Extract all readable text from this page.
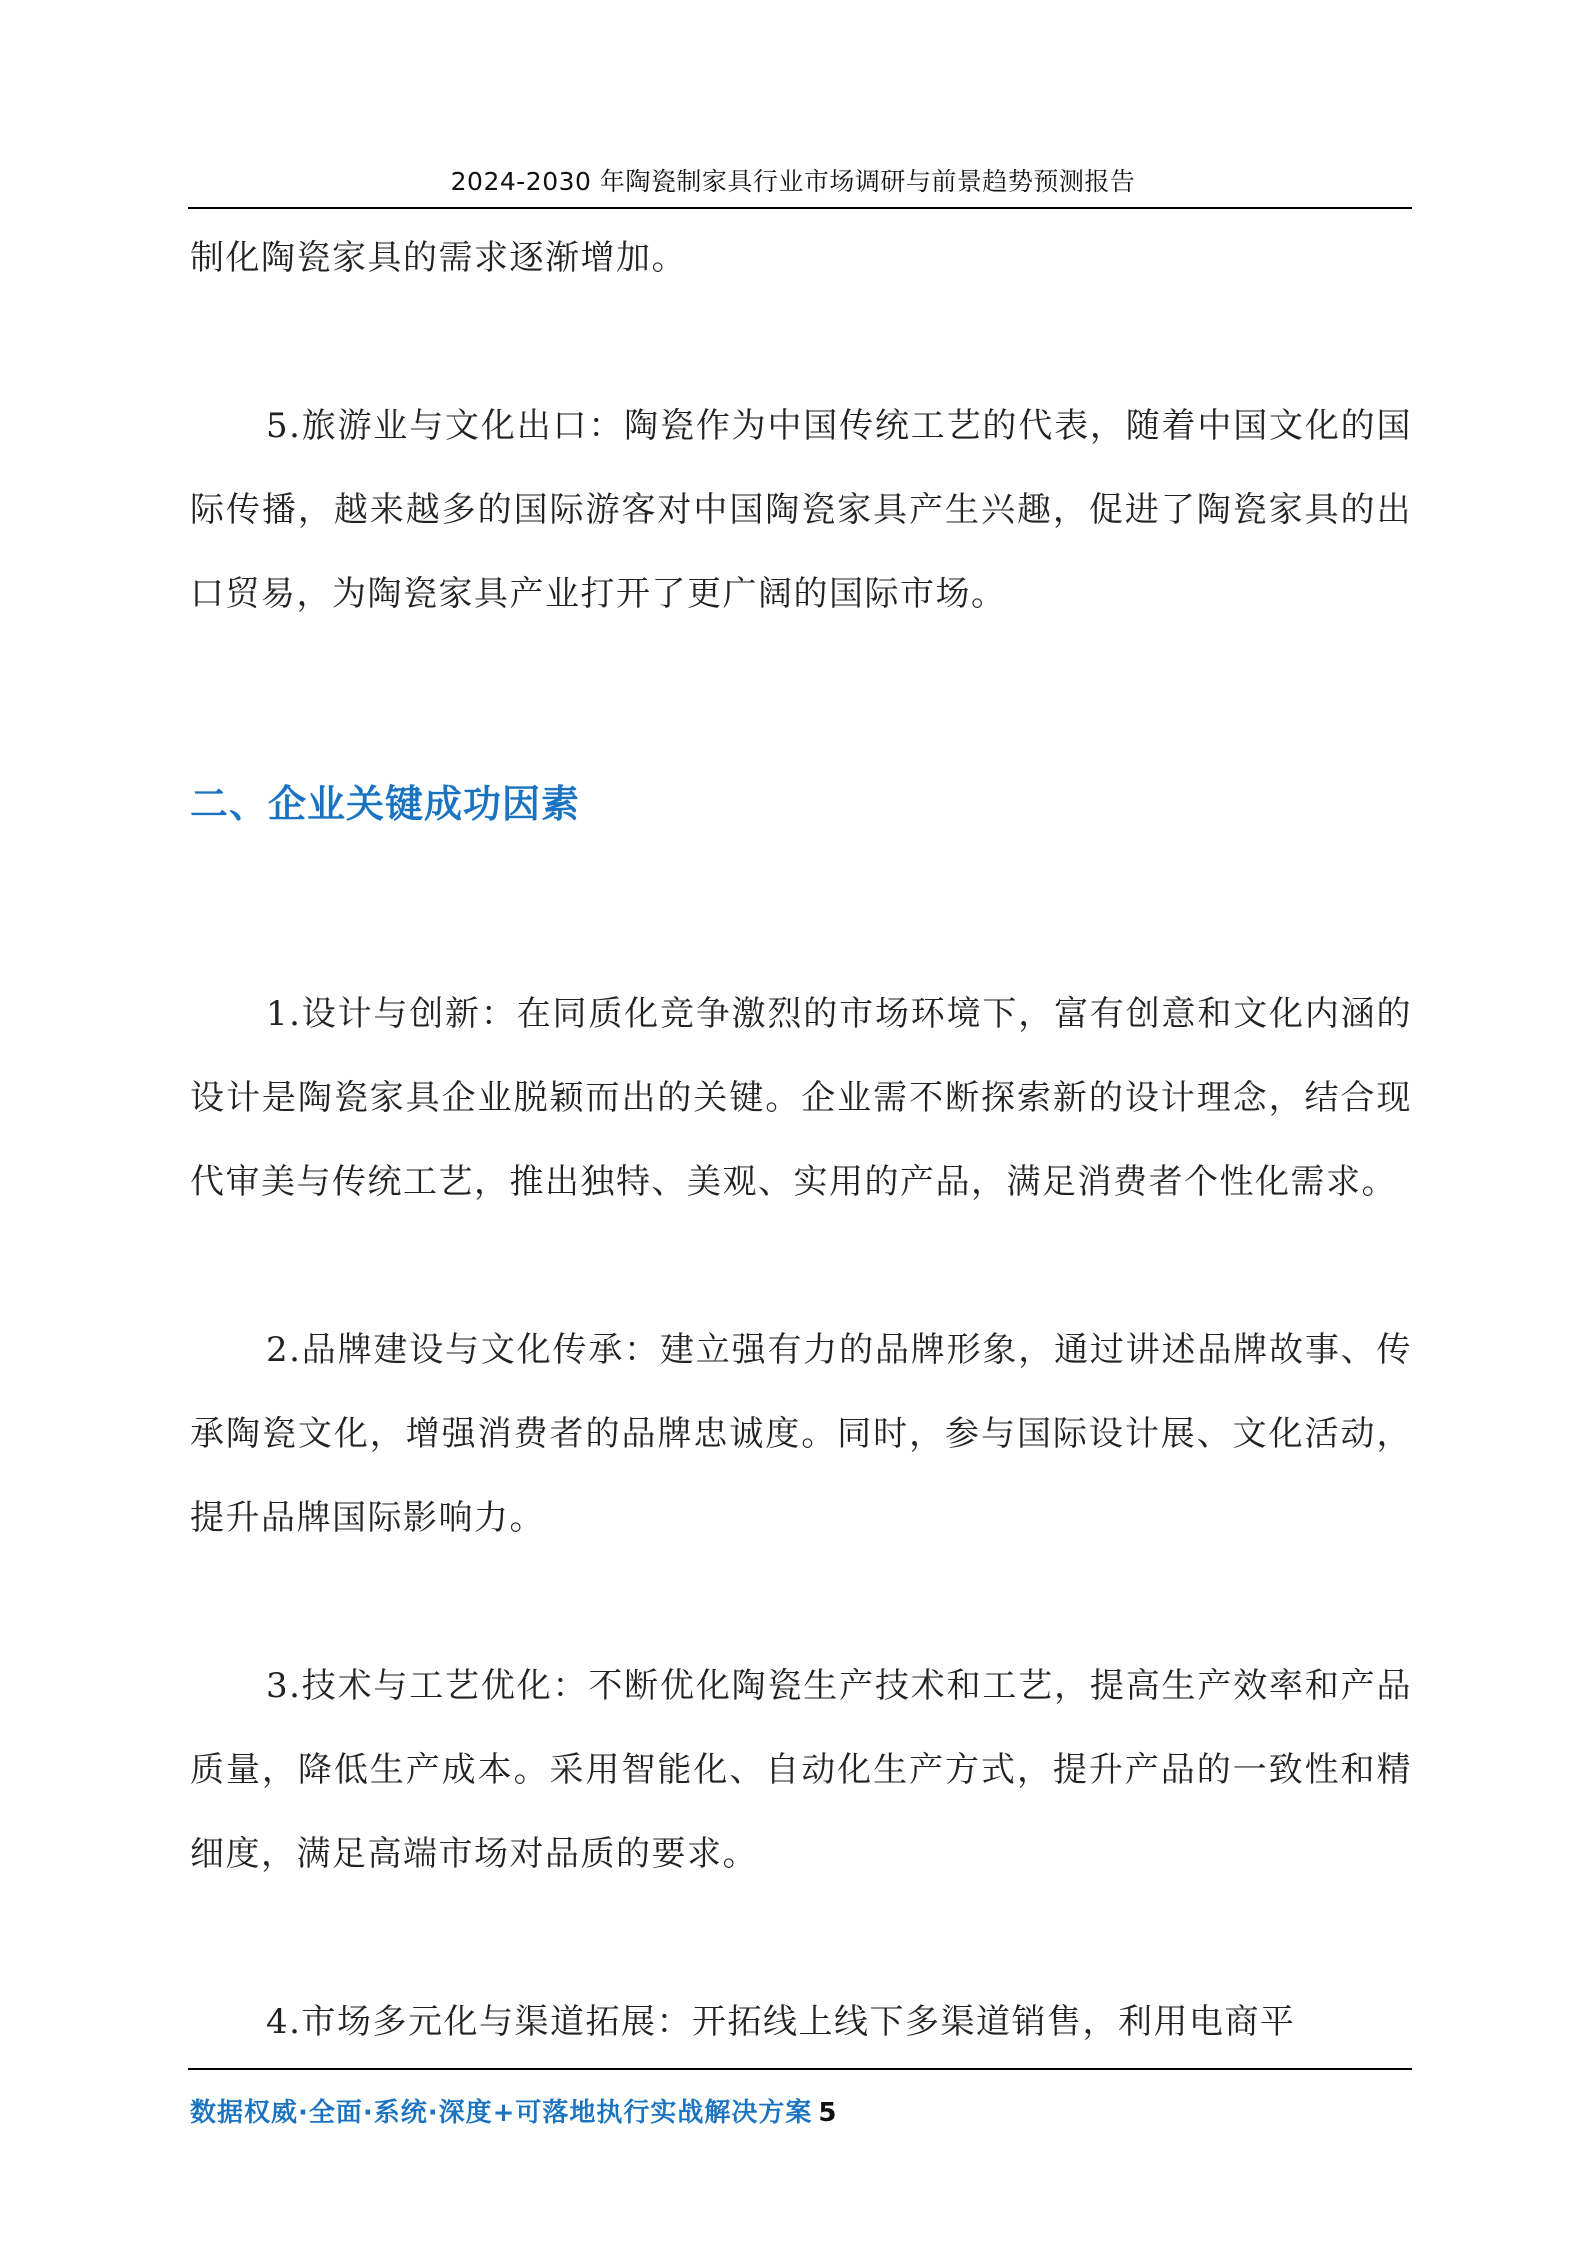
2024-2030 年陶瓷制家具行业市场调研与前景趋势预测报告

制化陶瓷家具的需求逐渐增加。

5.旅游业与文化出口：陶瓷作为中国传统工艺的代表，随着中国文化的国际传播，越来越多的国际游客对中国陶瓷家具产生兴趣，促进了陶瓷家具的出口贸易，为陶瓷家具产业打开了更广阔的国际市场。

二、企业关键成功因素

1.设计与创新：在同质化竞争激烈的市场环境下，富有创意和文化内涵的设计是陶瓷家具企业脱颖而出的关键。企业需不断探索新的设计理念，结合现代审美与传统工艺，推出独特、美观、实用的产品，满足消费者个性化需求。

2.品牌建设与文化传承：建立强有力的品牌形象，通过讲述品牌故事、传承陶瓷文化，增强消费者的品牌忠诚度。同时，参与国际设计展、文化活动，提升品牌国际影响力。

3.技术与工艺优化：不断优化陶瓷生产技术和工艺，提高生产效率和产品质量，降低生产成本。采用智能化、自动化生产方式，提升产品的一致性和精细度，满足高端市场对品质的要求。

4.市场多元化与渠道拓展：开拓线上线下多渠道销售，利用电商平

数据权威·全面·系统·深度+可落地执行实战解决方案 5
